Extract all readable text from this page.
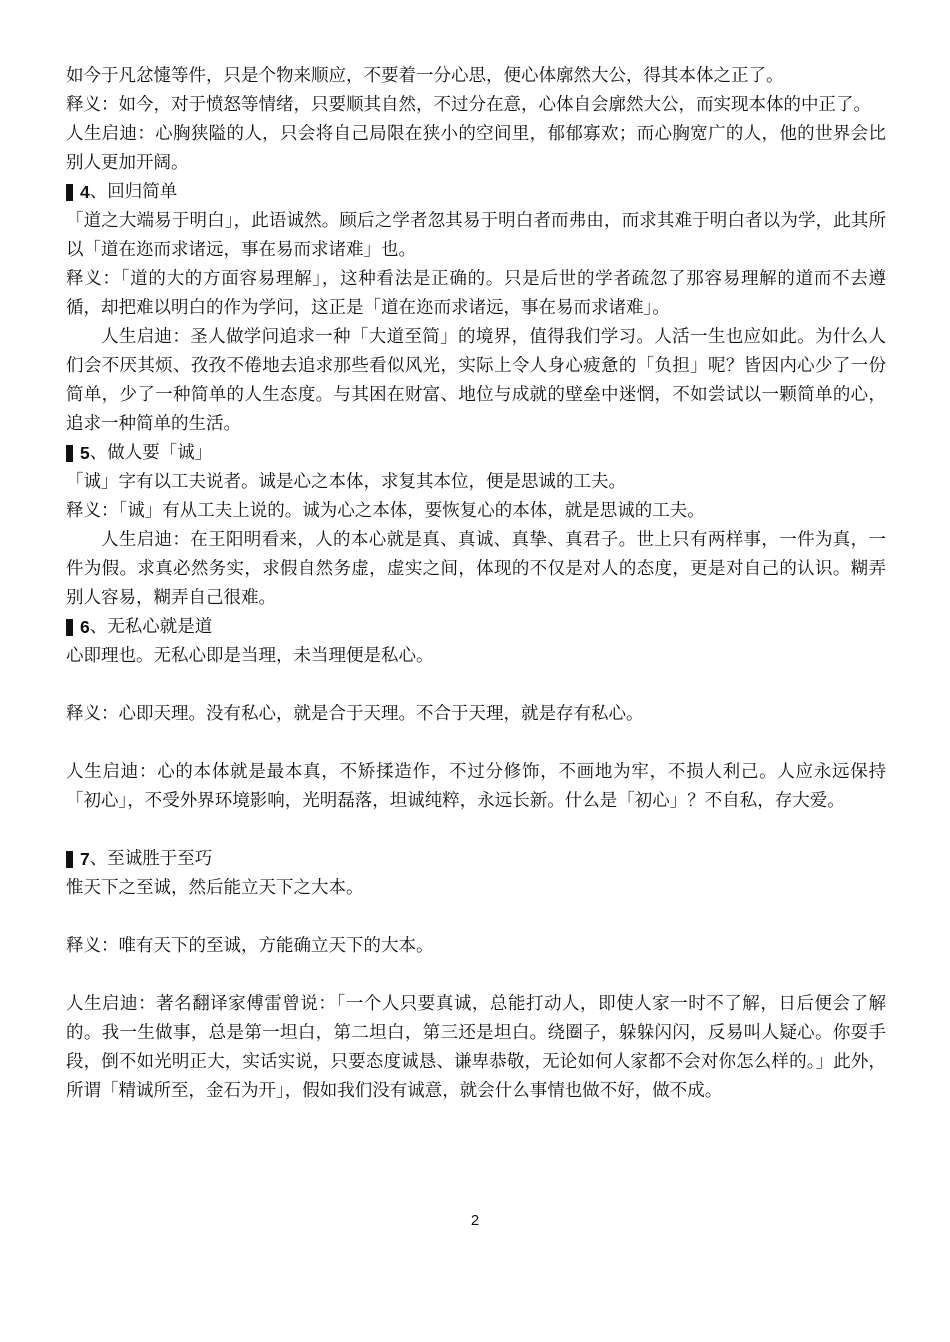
如今于凡忿懥等件，只是个物来顺应，不要着一分心思，便心体廓然大公，得其本体之正了。

释义：如今，对于愤怒等情绪，只要顺其自然，不过分在意，心体自会廓然大公，而实现本体的中正了。

人生启迪：心胸狭隘的人，只会将自己局限在狭小的空间里，郁郁寡欢；而心胸宽广的人，他的世界会比别人更加开阔。

4 、回归简单

「道之大端易于明白」，此语诚然。顾后之学者忽其易于明白者而弗由，而求其难于明白者以为学，此其所以「道在迩而求诸远，事在易而求诸难」也。

释义：「道的大的方面容易理解」，这种看法是正确的。只是后世的学者疏忽了那容易理解的道而不去遵循，却把难以明白的作为学问，这正是「道在迩而求诸远，事在易而求诸难」。

人生启迪：圣人做学问追求一种「大道至简」的境界，值得我们学习。人活一生也应如此。为什么人们会不厌其烦、孜孜不倦地去追求那些看似风光，实际上令人身心疲惫的「负担」呢？皆因内心少了一份简单，少了一种简单的人生态度。与其困在财富、地位与成就的壁垒中迷惘，不如尝试以一颗简单的心，追求一种简单的生活。

5 、做人要「诚」

「诚」字有以工夫说者。诚是心之本体，求复其本位，便是思诚的工夫。

释义：「诚」有从工夫上说的。诚为心之本体，要恢复心的本体，就是思诚的工夫。

人生启迪：在王阳明看来，人的本心就是真、真诚、真挚、真君子。世上只有两样事，一件为真，一件为假。求真必然务实，求假自然务虚，虚实之间，体现的不仅是对人的态度，更是对自己的认识。糊弄别人容易，糊弄自己很难。

6 、无私心就是道

心即理也。无私心即是当理，未当理便是私心。

释义：心即天理。没有私心，就是合于天理。不合于天理，就是存有私心。

人生启迪：心的本体就是最本真，不矫揉造作，不过分修饰，不画地为牢，不损人利己。人应永远保持「初心」，不受外界环境影响，光明磊落，坦诚纯粹，永远长新。什么是「初心」？不自私，存大爱。

7 、至诚胜于至巧

惟天下之至诚，然后能立天下之大本。

释义：唯有天下的至诚，方能确立天下的大本。

人生启迪：著名翻译家傅雷曾说：「一个人只要真诚，总能打动人，即使人家一时不了解，日后便会了解的。我一生做事，总是第一坦白，第二坦白，第三还是坦白。绕圈子，躲躲闪闪，反易叫人疑心。你耍手段，倒不如光明正大，实话实说，只要态度诚恳、谦卑恭敬，无论如何人家都不会对你怎么样的。」此外，所谓「精诚所至，金石为开」，假如我们没有诚意，就会什么事情也做不好，做不成。

2
